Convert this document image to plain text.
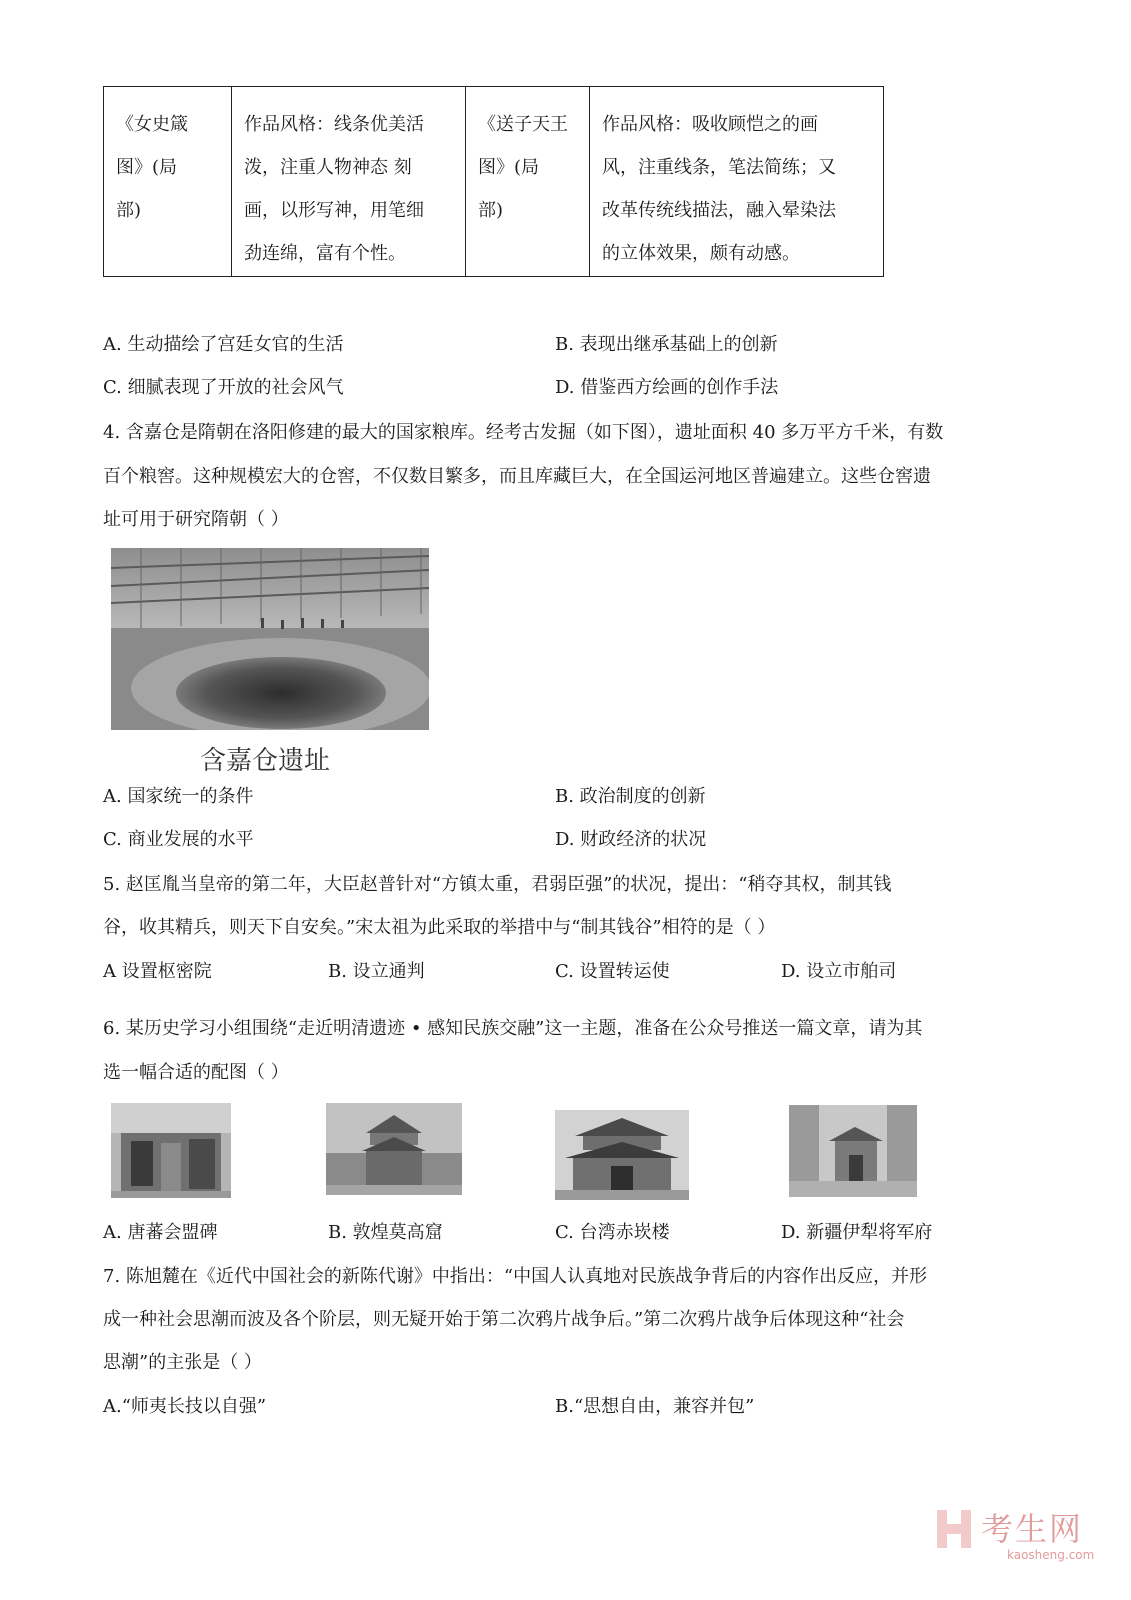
《女史箴
图》(局
部)

作品风格：线条优美活
泼，注重人物神态 刻
画，以形写神，用笔细
劲连绵，富有个性。

《送子天王
图》(局
部)

作品风格：吸收顾恺之的画
风，注重线条，笔法简练；又
改革传统线描法，融入晕染法
的立体效果，颇有动感。
A. 生动描绘了宫廷女官的生活	B. 表现出继承基础上的创新
C. 细腻表现了开放的社会风气	D. 借鉴西方绘画的创作手法
4. 含嘉仓是隋朝在洛阳修建的最大的国家粮库。经考古发掘（如下图），遗址面积 40 多万平方千米，有数
百个粮窖。这种规模宏大的仓窖，不仅数目繁多，而且库藏巨大，在全国运河地区普遍建立。这些仓窖遗
址可用于研究隋朝（ ）
含嘉仓遗址
A. 国家统一的条件	B. 政治制度的创新
C. 商业发展的水平	D. 财政经济的状况
5. 赵匡胤当皇帝的第二年，大臣赵普针对“方镇太重，君弱臣强”的状况，提出：“稍夺其权，制其钱
谷，收其精兵，则天下自安矣。”宋太祖为此采取的举措中与“制其钱谷”相符的是（ ）
A 设置枢密院	B. 设立通判	C. 设置转运使	D. 设立市舶司
6. 某历史学习小组围绕“走近明清遗迹 • 感知民族交融”这一主题，准备在公众号推送一篇文章，请为其
选一幅合适的配图（ ）
A. 唐蕃会盟碑	B. 敦煌莫高窟	C. 台湾赤崁楼	D. 新疆伊犁将军府
7. 陈旭麓在《近代中国社会的新陈代谢》中指出：“中国人认真地对民族战争背后的内容作出反应，并形
成一种社会思潮而波及各个阶层，则无疑开始于第二次鸦片战争后。”第二次鸦片战争后体现这种“社会
思潮”的主张是（ ）
A.“师夷长技以自强”	B.“思想自由，兼容并包”
考生网
kaosheng.com
